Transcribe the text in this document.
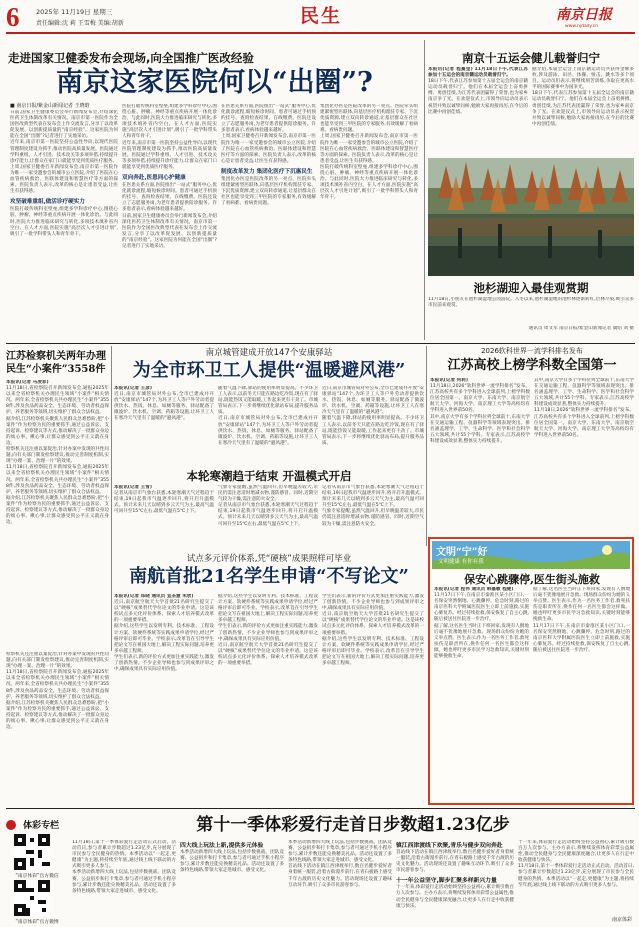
6	2025年 11月19日 星期三
责任编辑:沈 莉 王雪梅 美编:胡新	民生	南京日报
www.njdaily.cn
走进国家卫健委发布会现场,向全国推广医改经验
南京这家医院何以“出圈”?
■ 南京日报/紫金山新闻记者 王晓晗

日前,国家卫生健康委员会举行新闻发布会,介绍深化医药卫生体制改革有关情况。南京市第一医院作为全国医改典型代表在发布会上作交流发言,分享了以改革促发展、以创新提质量的“南京经验”。这家医院为何能在全国“出圈”?记者进行了实地采访。

近年来,南京市第一医院坚持公益性导向,以现代医院管理制度建设为抓手,推动医院高质量发展。医院通过学科重组、人才引进、技术攻关等多项举措,持续提升诊疗能力,让群众在家门口就能享受到优质医疗服务。

上周,国家卫健委召开新闻发布会,南京市第一医院作为唯一一家受邀参会的城市公立医院,介绍了医院在心血管疾病救治、医联体建设和智慧医疗等方面的探索。医院负责人表示,改革的核心是让患者受益,让医生有获得感。

攻坚破难重组,做活诊疗硬实力

医院打破传统科室壁垒,组建多学科诊疗中心,围绕心脏、肿瘤、神经等重点疾病开展一体化诊治。与此同时,医院大力推进临床研究与转化,多项技术填补省内空白。在人才方面,医院实施“高层次人才引进计划”,吸引了一批学科带头人和青年骨干。

医院打破传统科室壁垒,组建多学科诊疗中心,围绕心脏、肿瘤、神经等重点疾病开展一体化诊治。与此同时,医院大力推进临床研究与转化,多项技术填补省内空白。在人才方面,医院实施“高层次人才引进计划”,吸引了一批学科带头人和青年骨干。

近年来,南京市第一医院坚持公益性导向,以现代医院管理制度建设为抓手,推动医院高质量发展。医院通过学科重组、人才引进、技术攻关等多项举措,持续提升诊疗能力,让群众在家门口就能享受到优质医疗服务。

双向奔赴,医患同心护健康

在医患关系方面,医院推出“一站式”服务中心,优化就诊流程,缩短候诊时间。患者可通过手机预约挂号、查询检查结果、在线缴费。医院还设立了志愿服务岗,为老年患者提供陪诊服务。许多患者表示,看病体验越来越好。

日前,国家卫生健康委员会举行新闻发布会,介绍深化医药卫生体制改革有关情况。南京市第一医院作为全国医改典型代表在发布会上作交流发言,分享了以改革促发展、以创新提质量的“南京经验”。这家医院为何能在全国“出圈”?记者进行了实地采访。

在医患关系方面,医院推出“一站式”服务中心,优化就诊流程,缩短候诊时间。患者可通过手机预约挂号、查询检查结果、在线缴费。医院还设立了志愿服务岗,为老年患者提供陪诊服务。许多患者表示,看病体验越来越好。

上周,国家卫健委召开新闻发布会,南京市第一医院作为唯一一家受邀参会的城市公立医院,介绍了医院在心血管疾病救治、医联体建设和智慧医疗等方面的探索。医院负责人表示,改革的核心是让患者受益,让医生有获得感。

制度改革发力 集团化医疗下沉惠民生

集团化办医是医院改革的另一亮点。医院牵头组建紧密型医联体,向基层医疗机构派驻专家、下沉优质资源,建立双向转诊通道,让基层群众在社区也能享受到三甲医院的专家服务,有效缓解了看病难、看病贵问题。

集团化办医是医院改革的另一亮点。医院牵头组建紧密型医联体,向基层医疗机构派驻专家、下沉优质资源,建立双向转诊通道,让基层群众在社区也能享受到三甲医院的专家服务,有效缓解了看病难、看病贵问题。

上周,国家卫健委召开新闻发布会,南京市第一医院作为唯一一家受邀参会的城市公立医院,介绍了医院在心血管疾病救治、医联体建设和智慧医疗等方面的探索。医院负责人表示,改革的核心是让患者受益,让医生有获得感。

医院打破传统科室壁垒,组建多学科诊疗中心,围绕心脏、肿瘤、神经等重点疾病开展一体化诊治。与此同时,医院大力推进临床研究与转化,多项技术填补省内空白。在人才方面,医院实施“高层次人才引进计划”,吸引了一批学科带头人和青年骨干。

南京十五运会健儿载誉归宁

本报讯(记者 程蔓莹) 11月18日下午,代表江苏参加十五运会的南京籍运动员载誉归宁。

18日下午,代表江苏参加第十五届全运会的南京籍运动员载誉归宁。他们在本届全运会上奋勇拼搏、勇创佳绩,为江苏代表团赢得了荣誉,也为家乡南京争了光。在欢迎仪式上,市领导向运动员表示祝贺并致以诚挚问候,勉励大家再接再厉,在今后的比赛中再创佳绩。

据介绍,本届全运会上南京籍运动员共获得金牌多枚,涉及游泳、田径、体操、射击、跳水等多个项目。运动员们表示,将继续刻苦训练,争取在更高水平的国际赛事中为国争光。

18日下午,代表江苏参加第十五届全运会的南京籍运动员载誉归宁。他们在本届全运会上奋勇拼搏、勇创佳绩,为江苏代表团赢得了荣誉,也为家乡南京争了光。在欢迎仪式上,市领导向运动员表示祝贺并致以诚挚问候,勉励大家再接再厉,在今后的比赛中再创佳绩。

池杉湖迎入最佳观赏期
11月18日,小朋友在池杉湖湿地公园游玩。入冬以来,池杉湖湿地的池杉林逐渐转红,层林尽染,吸引众多市民前来观赏。
通讯员 周文军 南京日报/紫金山新闻记者 冀绍 刘 摄
江苏检察机关两年办理民生“小案件”3558件

本报讯(记者 马凌菲)

11月18日,省检察院召开新闻发布会,通报2025年以来全省检察机关办理民生领域“小案件”相关情况。两年来,全省检察机关共办理民生“小案件”3558件,涉及食品药品安全、生态环境、劳动者权益保护、养老服务等领域,切实维护了群众合法权益。

据介绍,江苏检察机关聚焦人民群众急难愁盼,把“小案件”作为检察为民的重要抓手,通过公益诉讼、支持起诉、检察建议等方式,推动解决了一批群众身边的烦心事、揪心事,让群众感受到公平正义就在身边。

检察机关还注重以案促治,针对办案中发现的共性问题,向有关部门制发检察建议,推动完善制度机制,实现“办理一案、治理一片”的效果。

11月18日,省检察院召开新闻发布会,通报2025年以来全省检察机关办理民生领域“小案件”相关情况。两年来,全省检察机关共办理民生“小案件”3558件,涉及食品药品安全、生态环境、劳动者权益保护、养老服务等领域,切实维护了群众合法权益。

据介绍,江苏检察机关聚焦人民群众急难愁盼,把“小案件”作为检察为民的重要抓手,通过公益诉讼、支持起诉、检察建议等方式,推动解决了一批群众身边的烦心事、揪心事,让群众感受到公平正义就在身边。

南京城管建成开放147个安康驿站
为全市环卫工人提供“温暖避风港”

本报讯(记者 王彦)

近日,南京市城管局对外公布,全市已建成并开放“安康驿站”147个,为环卫工人等户外劳动者提供饮水、热饭、休息、如厕等服务。驿站配备了微波炉、饮水机、空调、药箱等设施,让环卫工人在寒冷天气里有了温暖的“避风港”。

随着气温下降,驿站的使用率明显提高。不少环卫工人表示,以前冬天只能在路边吃冷饭,现在有了驿站,既能热饭又能取暖,工作起来更有干劲了。市城管局表示,下一步将继续优化驿站布局,提升服务品质。

近日,南京市城管局对外公布,全市已建成并开放“安康驿站”147个,为环卫工人等户外劳动者提供饮水、热饭、休息、如厕等服务。驿站配备了微波炉、饮水机、空调、药箱等设施,让环卫工人在寒冷天气里有了温暖的“避风港”。

近日,南京市城管局对外公布,全市已建成并开放“安康驿站”147个,为环卫工人等户外劳动者提供饮水、热饭、休息、如厕等服务。驿站配备了微波炉、饮水机、空调、药箱等设施,让环卫工人在寒冷天气里有了温暖的“避风港”。

随着气温下降,驿站的使用率明显提高。不少环卫工人表示,以前冬天只能在路边吃冷饭,现在有了驿站,既能热饭又能取暖,工作起来更有干劲了。市城管局表示,下一步将继续优化驿站布局,提升服务品质。

本轮寒潮趋于结束 开温模式开启

本报讯(记者 王雪)

记者从南京市气象台获悉,本轮寒潮天气过程趋于结束,19日起我市气温逐步回升,将开启升温模式。预计未来几天以晴到多云天气为主,最高气温可回升至15℃左右,最低气温在5℃上下。

气象专家提醒,虽然气温回升,但早晚温差较大,市民仍需注意适时增减衣物,谨防感冒。同时,近期空气较为干燥,需注意防火安全。

记者从南京市气象台获悉,本轮寒潮天气过程趋于结束,19日起我市气温逐步回升,将开启升温模式。预计未来几天以晴到多云天气为主,最高气温可回升至15℃左右,最低气温在5℃上下。

记者从南京市气象台获悉,本轮寒潮天气过程趋于结束,19日起我市气温逐步回升,将开启升温模式。预计未来几天以晴到多云天气为主,最高气温可回升至15℃左右,最低气温在5℃上下。

气象专家提醒,虽然气温回升,但早晚温差较大,市民仍需注意适时增减衣物,谨防感冒。同时,近期空气较为干燥,需注意防火安全。

2026软科世界一流学科排名发布
江苏高校上榜学科数全国第一

本报讯(记者 何莉)

11月18日,2026“软科世界一流学科排名”发布。江苏高校共有多个学科进入全球前列,上榜学科数位居全国第一。南京大学、东南大学、南京航空航天大学、河海大学、南京理工大学等高校均有学科进入世界前50名。

其中,南京大学有多个学科位列全球前十,东南大学在交通运输工程、仪器科学等领域表现突出。排名涵盖理学、工学、生命科学、医学和社会科学五大领域,共计55个学科。专家表示,江苏高校学科建设成效显著,整体实力持续提升。

其中,南京大学有多个学科位列全球前十,东南大学在交通运输工程、仪器科学等领域表现突出。排名涵盖理学、工学、生命科学、医学和社会科学五大领域,共计55个学科。专家表示,江苏高校学科建设成效显著,整体实力持续提升。

11月18日,2026“软科世界一流学科排名”发布。江苏高校共有多个学科进入全球前列,上榜学科数位居全国第一。南京大学、东南大学、南京航空航天大学、河海大学、南京理工大学等高校均有学科进入世界前50名。

文明“宁”好
文明健康 有你有我
保安心跳骤停,医生街头施救

本报讯(记者 程伟 通讯员 韩嘉敏 程健)

11月17日下午,在南京市秦淮区某小区门口,一名保安突然倒地、心跳骤停。危急时刻,路过的南京医科大学附属医院医生立即上前施救,实施心肺复苏。经过持续抢救,保安恢复了自主心跳,随后被送往医院进一步治疗。

据了解,这名医生当时正下班回家,发现有人倒地后毫不犹豫地展开急救。现场群众纷纷为她的义举点赞。医生表示,作为一名医务工作者,救死扶伤是职责所在,换作任何一名医生都会这样做。她也呼吁更多市民学习急救知识,关键时刻能够挽救生命。

据了解,这名医生当时正下班回家,发现有人倒地后毫不犹豫地展开急救。现场群众纷纷为她的义举点赞。医生表示,作为一名医务工作者,救死扶伤是职责所在,换作任何一名医生都会这样做。她也呼吁更多市民学习急救知识,关键时刻能够挽救生命。

11月17日下午,在南京市秦淮区某小区门口,一名保安突然倒地、心跳骤停。危急时刻,路过的南京医科大学附属医院医生立即上前施救,实施心肺复苏。经过持续抢救,保安恢复了自主心跳,随后被送往医院进一步治疗。

试点多元评价体系,凭“硬核”成果照样可毕业
南航首批21名学生申请“不写论文”

本报讯(记者 郑晓 通讯员 宣圣慧 朱欣)

近日,南京航空航天大学首批21名研究生提交了以“硬核”成果替代学位论文的毕业申请。这是该校试点多元化评价体系、探索人才培养模式改革的一项重要举措。

据介绍,这些学生以发明专利、技术标准、工程设计方案、软硬件系统等实践成果申请学位,经过严格评审后即可毕业。学校表示,改革旨在引导学生把论文写在祖国大地上,解决工程实际问题,培养更多卓越工程师。

学生们表示,新的评价方式更加注重实践能力,激发了创新热情。不少企业导师也参与到成果评审之中,确保成果具有实际应用价值。

据介绍,这些学生以发明专利、技术标准、工程设计方案、软硬件系统等实践成果申请学位,经过严格评审后即可毕业。学校表示,改革旨在引导学生把论文写在祖国大地上,解决工程实际问题,培养更多卓越工程师。

学生们表示,新的评价方式更加注重实践能力,激发了创新热情。不少企业导师也参与到成果评审之中,确保成果具有实际应用价值。

近日,南京航空航天大学首批21名研究生提交了以“硬核”成果替代学位论文的毕业申请。这是该校试点多元化评价体系、探索人才培养模式改革的一项重要举措。

学生们表示,新的评价方式更加注重实践能力,激发了创新热情。不少企业导师也参与到成果评审之中,确保成果具有实际应用价值。

近日,南京航空航天大学首批21名研究生提交了以“硬核”成果替代学位论文的毕业申请。这是该校试点多元化评价体系、探索人才培养模式改革的一项重要举措。

据介绍,这些学生以发明专利、技术标准、工程设计方案、软硬件系统等实践成果申请学位,经过严格评审后即可毕业。学校表示,改革旨在引导学生把论文写在祖国大地上,解决工程实际问题,培养更多卓越工程师。

检察机关还注重以案促治,针对办案中发现的共性问题,向有关部门制发检察建议,推动完善制度机制,实现“办理一案、治理一片”的效果。

11月18日,省检察院召开新闻发布会,通报2025年以来全省检察机关办理民生领域“小案件”相关情况。两年来,全省检察机关共办理民生“小案件”3558件,涉及食品药品安全、生态环境、劳动者权益保护、养老服务等领域,切实维护了群众合法权益。

据介绍,江苏检察机关聚焦人民群众急难愁盼,把“小案件”作为检察为民的重要抓手,通过公益诉讼、支持起诉、检察建议等方式,推动解决了一批群众身边的烦心事、揪心事,让群众感受到公平正义就在身边。

体彩专栏
“南京体彩”官方微信
“南京体彩”官方微博
第十一季体彩爱行走首日步数超1.23亿步

11月18日,第十一季体彩爱行走活动正式启动。活动首日,参与者累计步数超过1.23亿步,充分展现了市民参与全民健身的热情。本季活动以“一起走,更健康”为主题,将持续至年底,通过线上线下联动的方式吸引更多人参与。

本季活动新增四大线上玩法,包括步数挑战、团队竞赛、公益捐步和打卡集章,参与者可通过手机小程序参与,累计步数还能兑换精美礼品。活动还设置了多条特色线路,带领大家走进城市、感受文化。

四大线上玩法上新,提供多元体验

本季活动新增四大线上玩法,包括步数挑战、团队竞赛、公益捐步和打卡集章,参与者可通过手机小程序参与,累计步数还能兑换精美礼品。活动还设置了多条特色线路,带领大家走进城市、感受文化。

本季活动新增四大线上玩法,包括步数挑战、团队竞赛、公益捐步和打卡集章,参与者可通过手机小程序参与,累计步数还能兑换精美礼品。活动还设置了多条特色线路,带领大家走进城市、感受文化。

首站线下活动在镇江西津渡举行,数百名健步爱好者身着统一服装,沿着古街漫步前行,在青石板路上感受千年古渡的历史文化魅力。活动现场还设置了趣味互动环节,吸引了众多市民游客参与。

镇江西津渡线下欢聚,青乐与健步双向奔赴

首站线下活动在镇江西津渡举行,数百名健步爱好者身着统一服装,沿着古街漫步前行,在青石板路上感受千年古渡的历史文化魅力。活动现场还设置了趣味互动环节,吸引了众多市民游客参与。

十一年公益坚守,脚步汇聚多样新兴力量

十一年来,体彩爱行走活动始终坚持公益初心,累计吸引数百万人次参与。主办方表示,将继续发挥体育彩票公益属性,推动全民健身与全民健康深度融合,让更多人在行走中收获健康与快乐。

十一年来,体彩爱行走活动始终坚持公益初心,累计吸引数百万人次参与。主办方表示,将继续发挥体育彩票公益属性,推动全民健身与全民健康深度融合,让更多人在行走中收获健康与快乐。

11月18日,第十一季体彩爱行走活动正式启动。活动首日,参与者累计步数超过1.23亿步,充分展现了市民参与全民健身的热情。本季活动以“一起走,更健康”为主题,将持续至年底,通过线上线下联动的方式吸引更多人参与。

南京体彩
